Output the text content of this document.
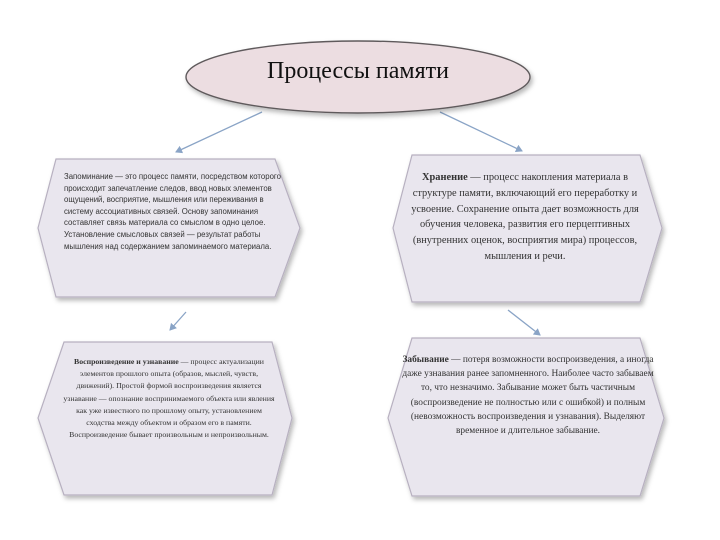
Процессы памяти

Запоминание — это процесс памяти, посредством которого происходит запечатление следов, ввод новых элементов ощущений, восприятие, мышления или переживания в систему ассоциативных связей. Основу запоминания составляет связь материала со смыслом в одно целое. Установление смысловых связей — результат работы мышления над содержанием запоминаемого материала.

Хранение — процесс накопления материала в структуре памяти, включающий его переработку и усвоение. Сохранение опыта дает возможность для обучения человека, развития его перцептивных (внутренних оценок, восприятия мира) процессов, мышления и речи.

Воспроизведение и узнавание — процесс актуализации элементов прошлого опыта (образов, мыслей, чувств, движений). Простой формой воспроизведения является узнавание — опознание воспринимаемого объекта или явления как уже известного по прошлому опыту, установлением сходства между объектом и образом его в памяти. Воспроизведение бывает произвольным и непроизвольным.

Забывание — потеря возможности воспроизведения, а иногда даже узнавания ранее запомненного. Наиболее часто забываем то, что незначимо. Забывание может быть частичным (воспроизведение не полностью или с ошибкой) и полным (невозможность воспроизведения и узнавания). Выделяют временное и длительное забывание.
